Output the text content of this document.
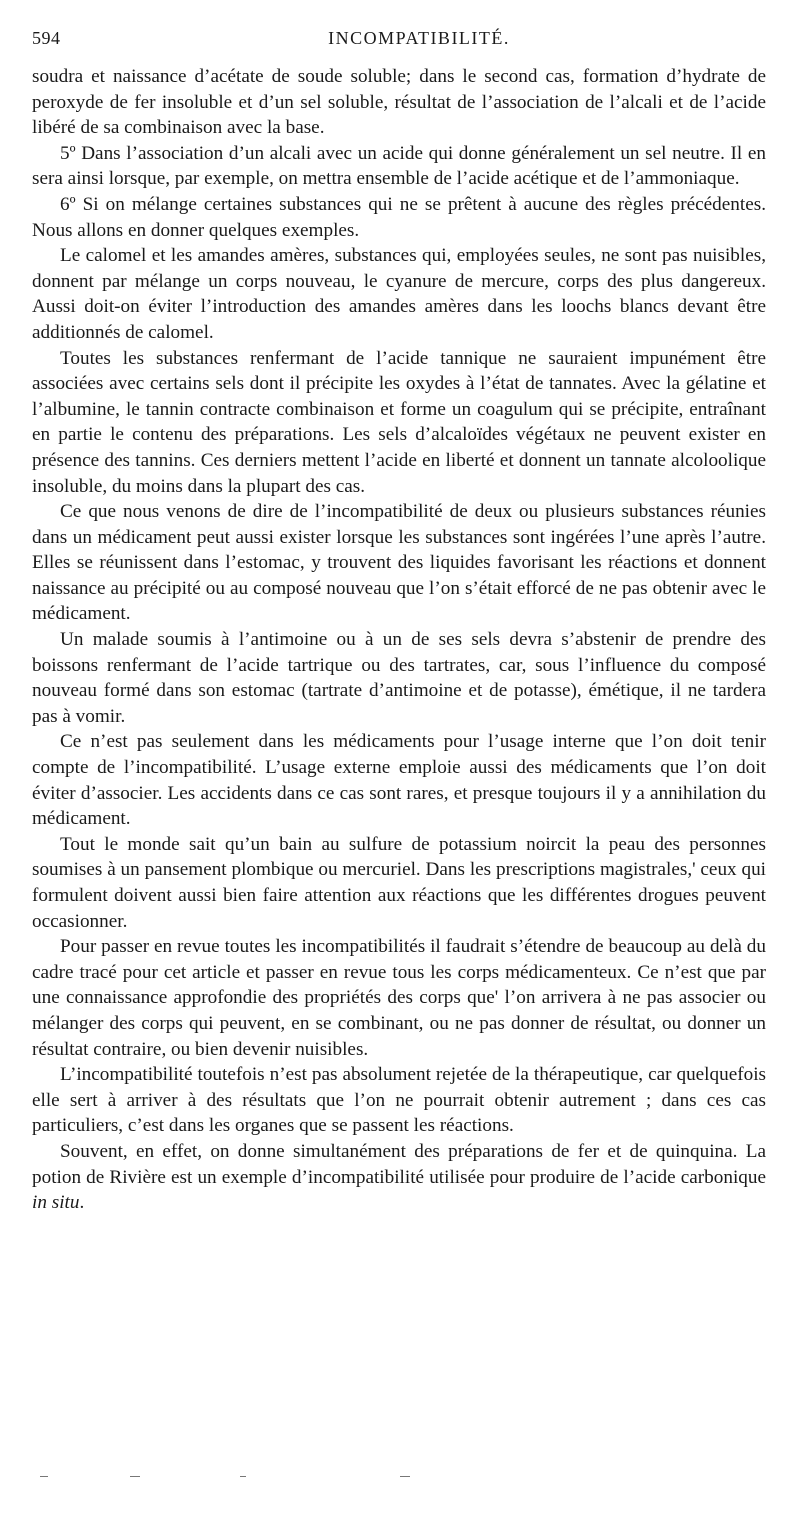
594	INCOMPATIBILITÉ.

soudra et naissance d’acétate de soude soluble; dans le second cas, formation d’hydrate de peroxyde de fer insoluble et d’un sel soluble, résultat de l’association de l’alcali et de l’acide libéré de sa combinaison avec la base.

5º Dans l’association d’un alcali avec un acide qui donne généralement un sel neutre. Il en sera ainsi lorsque, par exemple, on mettra ensemble de l’acide acétique et de l’ammoniaque.

6º Si on mélange certaines substances qui ne se prêtent à aucune des règles précédentes. Nous allons en donner quelques exemples.

Le calomel et les amandes amères, substances qui, employées seules, ne sont pas nuisibles, donnent par mélange un corps nouveau, le cyanure de mercure, corps des plus dangereux. Aussi doit-on éviter l’introduction des amandes amères dans les loochs blancs devant être additionnés de calomel.

Toutes les substances renfermant de l’acide tannique ne sauraient impunément être associées avec certains sels dont il précipite les oxydes à l’état de tannates. Avec la gélatine et l’albumine, le tannin contracte combinaison et forme un coagulum qui se précipite, entraînant en partie le contenu des préparations. Les sels d’alcaloïdes végétaux ne peuvent exister en présence des tannins. Ces derniers mettent l’acide en liberté et donnent un tannate alcoloolique insoluble, du moins dans la plupart des cas.

Ce que nous venons de dire de l’incompatibilité de deux ou plusieurs substances réunies dans un médicament peut aussi exister lorsque les substances sont ingérées l’une après l’autre. Elles se réunissent dans l’estomac, y trouvent des liquides favorisant les réactions et donnent naissance au précipité ou au composé nouveau que l’on s’était efforcé de ne pas obtenir avec le médicament.

Un malade soumis à l’antimoine ou à un de ses sels devra s’abstenir de prendre des boissons renfermant de l’acide tartrique ou des tartrates, car, sous l’influence du composé nouveau formé dans son estomac (tartrate d’antimoine et de potasse), émétique, il ne tardera pas à vomir.

Ce n’est pas seulement dans les médicaments pour l’usage interne que l’on doit tenir compte de l’incompatibilité. L’usage externe emploie aussi des médicaments que l’on doit éviter d’associer. Les accidents dans ce cas sont rares, et presque toujours il y a annihilation du médicament.

Tout le monde sait qu’un bain au sulfure de potassium noircit la peau des personnes soumises à un pansement plombique ou mercuriel. Dans les prescriptions magistrales,' ceux qui formulent doivent aussi bien faire attention aux réactions que les différentes drogues peuvent occasionner.

Pour passer en revue toutes les incompatibilités il faudrait s’étendre de beaucoup au delà du cadre tracé pour cet article et passer en revue tous les corps médicamenteux. Ce n’est que par une connaissance approfondie des propriétés des corps que' l’on arrivera à ne pas associer ou mélanger des corps qui peuvent, en se combinant, ou ne pas donner de résultat, ou donner un résultat contraire, ou bien devenir nuisibles.

L’incompatibilité toutefois n’est pas absolument rejetée de la thérapeutique, car quelquefois elle sert à arriver à des résultats que l’on ne pourrait obtenir autrement ; dans ces cas particuliers, c’est dans les organes que se passent les réactions.

Souvent, en effet, on donne simultanément des préparations de fer et de quinquina. La potion de Rivière est un exemple d’incompatibilité utilisée pour produire de l’acide carbonique in situ.
